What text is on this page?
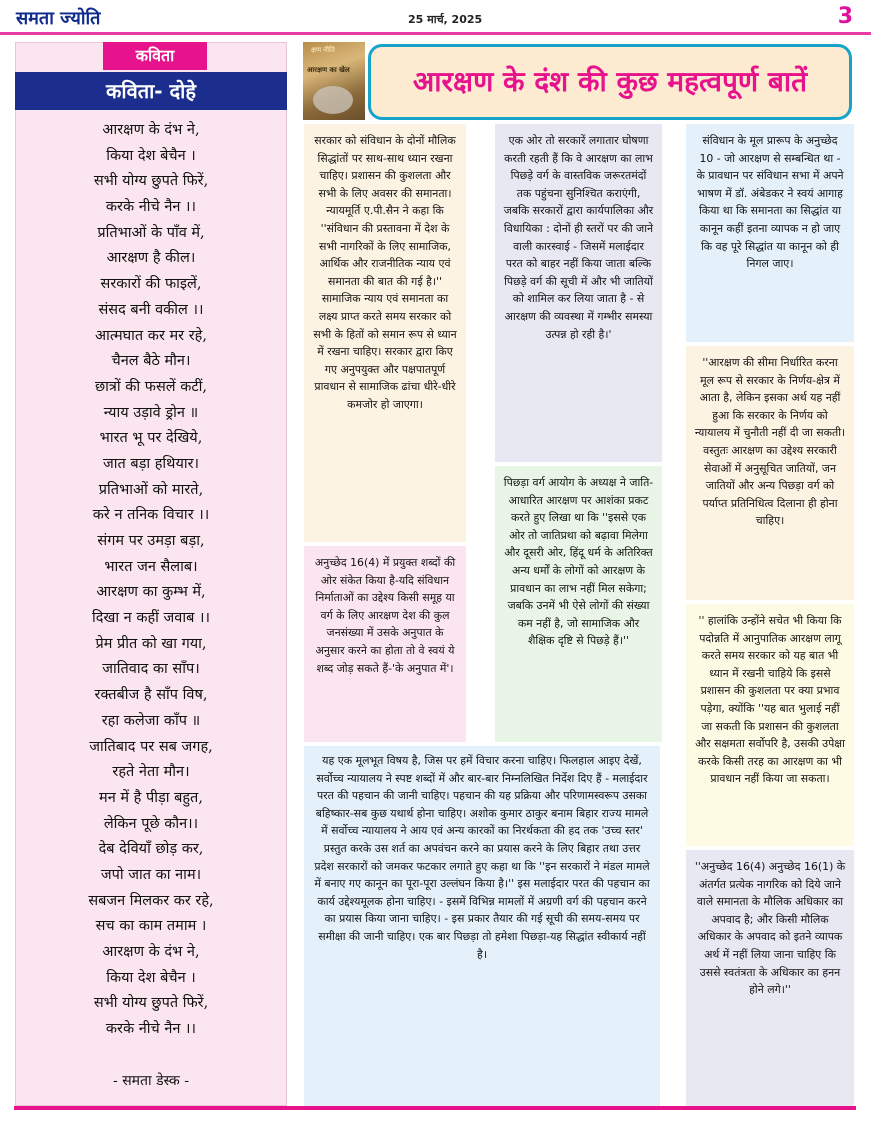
समता ज्योति	25 मार्च, 2025	3
कविता
कविता- दोहे
आरक्षण के दंभ ने,
किया देश बेचैन ।
सभी योग्य छुपते फिरें,
करके नीचे नैन ।।
प्रतिभाओं के पाँव में,
आरक्षण है कील।
सरकारों की फाइलें,
संसद बनी वकील ।।
आत्मघात कर मर रहे,
चैनल बैठे मौन।
छात्रों की फसलें कटीं,
न्याय उड़ावे ड्रोन ॥
भारत भू पर देखिये,
जात बड़ा हथियार।
प्रतिभाओं को मारते,
करे न तनिक विचार ।।
संगम पर उमड़ा बड़ा,
भारत जन सैलाब।
आरक्षण का कुम्भ में,
दिखा न कहीं जवाब ।।
प्रेम प्रीत को खा गया,
जातिवाद का साँप।
रक्तबीज है साँप विष,
रहा कलेजा काँप ॥
जातिबाद पर सब जगह,
रहते नेता मौन।
मन में है पीड़ा बहुत,
लेकिन पूछे कौन।।
देब देवियाँ छोड़ कर,
जपो जात का नाम।
सबजन मिलकर कर रहे,
सच का काम तमाम ।
आरक्षण के दंभ ने,
किया देश बेचैन ।
सभी योग्य छुपते फिरें,
करके नीचे नैन ।।
- समता डेस्क -
क्षण नीति
आरक्षण का खेल	आरक्षण के दंश की कुछ महत्वपूर्ण बातें
सरकार को संविधान के दोनों मौलिक सिद्धांतों पर साथ-साथ ध्यान रखना चाहिए। प्रशासन की कुशलता और सभी के लिए अवसर की समानता। न्यायमूर्ति ए.पी.सैन ने कहा कि ''संविधान की प्रस्तावना में देश के सभी नागरिकों के लिए सामाजिक, आर्थिक और राजनीतिक न्याय एवं समानता की बात की गई है।'' सामाजिक न्याय एवं समानता का लक्ष्य प्राप्त करते समय सरकार को सभी के हितों को समान रूप से ध्यान में रखना चाहिए। सरकार द्वारा किए गए अनुपयुक्त और पक्षपातपूर्ण प्रावधान से सामाजिक ढांचा धीरे-धीरे कमजोर हो जाएगा।
अनुच्छेद 16(4) में प्रयुक्त शब्दों की ओर संकेत किया है-यदि संविधान निर्माताओं का उद्देश्य किसी समूह या वर्ग के लिए आरक्षण देश की कुल जनसंख्या में उसके अनुपात के अनुसार करने का होता तो वे स्वयं ये शब्द जोड़ सकते हैं-'के अनुपात में'।
एक ओर तो सरकारें लगातार घोषणा करती रहती हैं कि वे आरक्षण का लाभ पिछड़े वर्ग के वास्तविक जरूरतमंदों तक पहुंचना सुनिश्चित कराएंगी, जबकि सरकारों द्वारा कार्यपालिका और विधायिका : दोनों ही स्तरों पर की जाने वाली कारस्वाई - जिसमें मलाईदार परत को बाहर नहीं किया जाता बल्कि पिछड़े वर्ग की सूची में और भी जातियों को शामिल कर लिया जाता है - से आरक्षण की व्यवस्था में गम्भीर समस्या उत्पन्न हो रही है।'
पिछड़ा वर्ग आयोग के अध्यक्ष ने जाति-आधारित आरक्षण पर आशंका प्रकट करते हुए लिखा था कि ''इससे एक ओर तो जातिप्रथा को बढ़ावा मिलेगा और दूसरी ओर, हिंदू धर्म के अतिरिक्त अन्य धर्मों के लोगों को आरक्षण के प्रावधान का लाभ नहीं मिल सकेगा; जबकि उनमें भी ऐसे लोगों की संख्या कम नहीं है, जो सामाजिक और शैक्षिक दृष्टि से पिछड़े हैं।''
संविधान के मूल प्रारूप के अनुच्छेद 10 - जो आरक्षण से सम्बन्धित था - के प्रावधान पर संविधान सभा में अपने भाषण में डॉ. अंबेडकर ने स्वयं आगाह किया था कि समानता का सिद्धांत या कानून कहीं इतना व्यापक न हो जाए कि वह पूरे सिद्धांत या कानून को ही निगल जाए।
''आरक्षण की सीमा निर्धारित करना मूल रूप से सरकार के निर्णय-क्षेत्र में आता है, लेकिन इसका अर्थ यह नहीं हुआ कि सरकार के निर्णय को न्यायालय में चुनौती नहीं दी जा सकती। वस्तुतः आरक्षण का उद्देश्य सरकारी सेवाओं में अनुसूचित जातियों, जन जातियों और अन्य पिछड़ा वर्ग को पर्याप्त प्रतिनिधित्व दिलाना ही होना चाहिए।
'' हालांकि उन्होंने सचेत भी किया कि पदोन्नति में आनुपातिक आरक्षण लागू करते समय सरकार को यह बात भी ध्यान में रखनी चाहिये कि इससे प्रशासन की कुशलता पर क्या प्रभाव पड़ेगा, क्योंकि ''यह बात भुलाई नहीं जा सकती कि प्रशासन की कुशलता और सक्षमता सर्वोपरि है, उसकी उपेक्षा करके किसी तरह का आरक्षण का भी प्रावधान नहीं किया जा सकता।
''अनुच्छेद 16(4) अनुच्छेद 16(1) के अंतर्गत प्रत्येक नागरिक को दिये जाने वाले समानता के मौलिक अधिकार का अपवाद है; और किसी मौलिक अधिकार के अपवाद को इतने व्यापक अर्थ में नहीं लिया जाना चाहिए कि उससे स्वतंत्रता के अधिकार का हनन होने लगे।''
यह एक मूलभूत विषय है, जिस पर हमें विचार करना चाहिए। फिलहाल आइए देखें, सर्वोच्च न्यायालय ने स्पष्ट शब्दों में और बार-बार निम्नलिखित निर्देश दिए हैं - मलाईदार परत की पहचान की जानी चाहिए। पहचान की यह प्रक्रिया और परिणामस्वरूप उसका बहिष्कार-सब कुछ यथार्थ होना चाहिए। अशोक कुमार ठाकुर बनाम बिहार राज्य मामले में सर्वोच्च न्यायालय ने आय एवं अन्य कारकों का निरर्थकता की हद तक 'उच्च स्तर' प्रस्तुत करके उस शर्त का अपवंचन करने का प्रयास करने के लिए बिहार तथा उत्तर प्रदेश सरकारों को जमकर फटकार लगाते हुए कहा था कि ''इन सरकारों ने मंडल मामले में बनाए गए कानून का पूरा-पूरा उल्लंघन किया है।'' इस मलाईदार परत की पहचान का कार्य उद्देश्यमूलक होना चाहिए। - इसमें विभिन्न मामलों में अग्रणी वर्ग की पहचान करने का प्रयास किया जाना चाहिए। - इस प्रकार तैयार की गई सूची की समय-समय पर समीक्षा की जानी चाहिए। एक बार पिछड़ा तो हमेशा पिछड़ा-यह सिद्धांत स्वीकार्य नहीं है।
